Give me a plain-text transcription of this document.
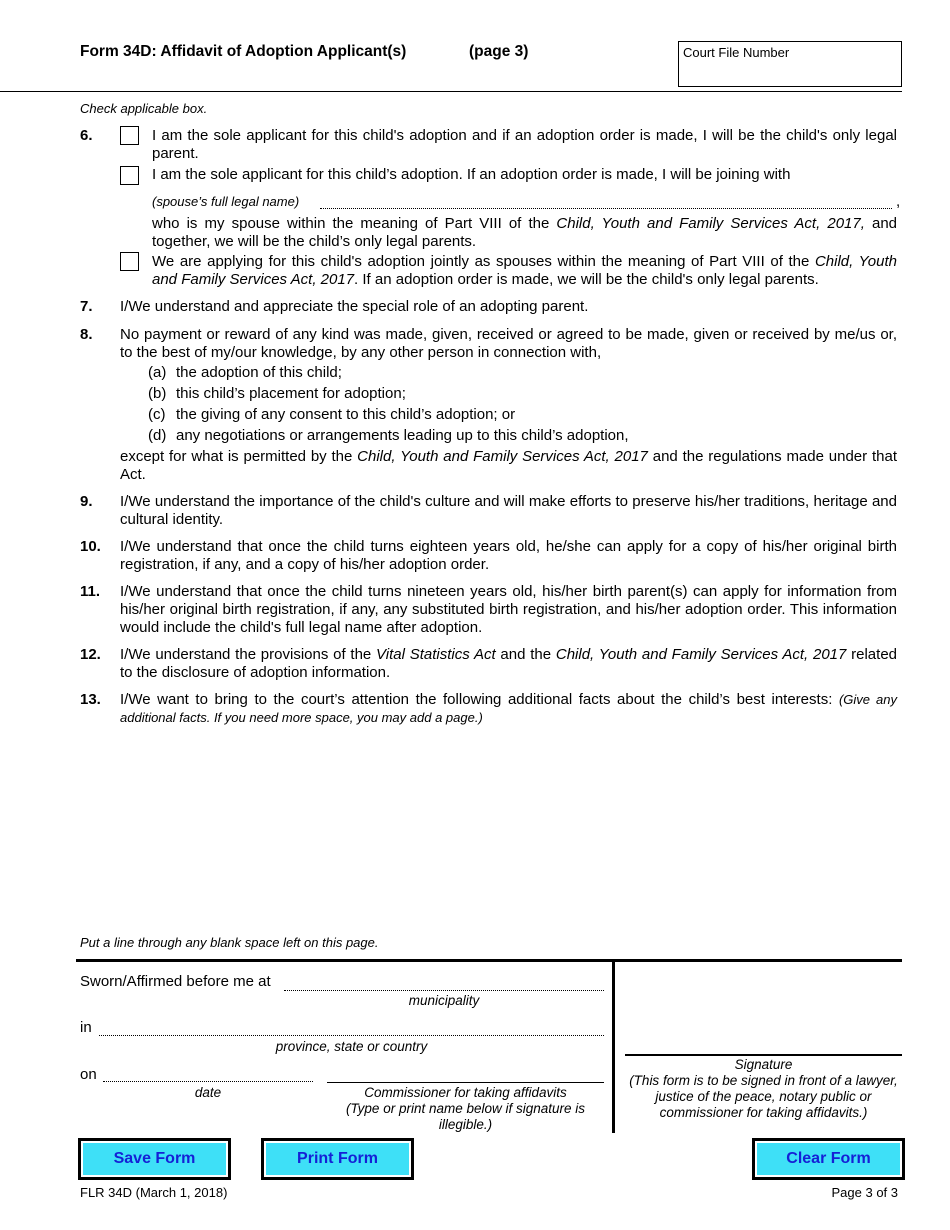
Form 34D: Affidavit of Adoption Applicant(s)	(page 3)	Court File Number
Check applicable box.
6.	I am the sole applicant for this child's adoption and if an adoption order is made, I will be the child's only legal parent.
I am the sole applicant for this child’s adoption. If an adoption order is made, I will be joining with
(spouse’s full legal name)	,
who is my spouse within the meaning of Part VIII of the Child, Youth and Family Services Act, 2017, and together, we will be the child’s only legal parents.
We are applying for this child's adoption jointly as spouses within the meaning of Part VIII of the Child, Youth and Family Services Act, 2017. If an adoption order is made, we will be the child's only legal parents.
7. I/We understand and appreciate the special role of an adopting parent.
8. No payment or reward of any kind was made, given, received or agreed to be made, given or received by me/us or, to the best of my/our knowledge, by any other person in connection with,
(a) the adoption of this child;
(b) this child’s placement for adoption;
(c) the giving of any consent to this child’s adoption; or
(d) any negotiations or arrangements leading up to this child’s adoption,
except for what is permitted by the Child, Youth and Family Services Act, 2017 and the regulations made under that Act.
9. I/We understand the importance of the child's culture and will make efforts to preserve his/her traditions, heritage and cultural identity.
10. I/We understand that once the child turns eighteen years old, he/she can apply for a copy of his/her original birth registration, if any, and a copy of his/her adoption order.
11. I/We understand that once the child turns nineteen years old, his/her birth parent(s) can apply for information from his/her original birth registration, if any, any substituted birth registration, and his/her adoption order. This information would include the child's full legal name after adoption.
12. I/We understand the provisions of the Vital Statistics Act and the Child, Youth and Family Services Act, 2017 related to the disclosure of adoption information.
13. I/We want to bring to the court’s attention the following additional facts about the child’s best interests: (Give any additional facts. If you need more space, you may add a page.)
Put a line through any blank space left on this page.
Sworn/Affirmed before me at
municipality
in
province, state or country
on
date	Commissioner for taking affidavits
(Type or print name below if signature is illegible.)
Signature
(This form is to be signed in front of a lawyer, justice of the peace, notary public or commissioner for taking affidavits.)
Save Form	Print Form	Clear Form
FLR 34D (March 1, 2018)	Page 3 of 3
